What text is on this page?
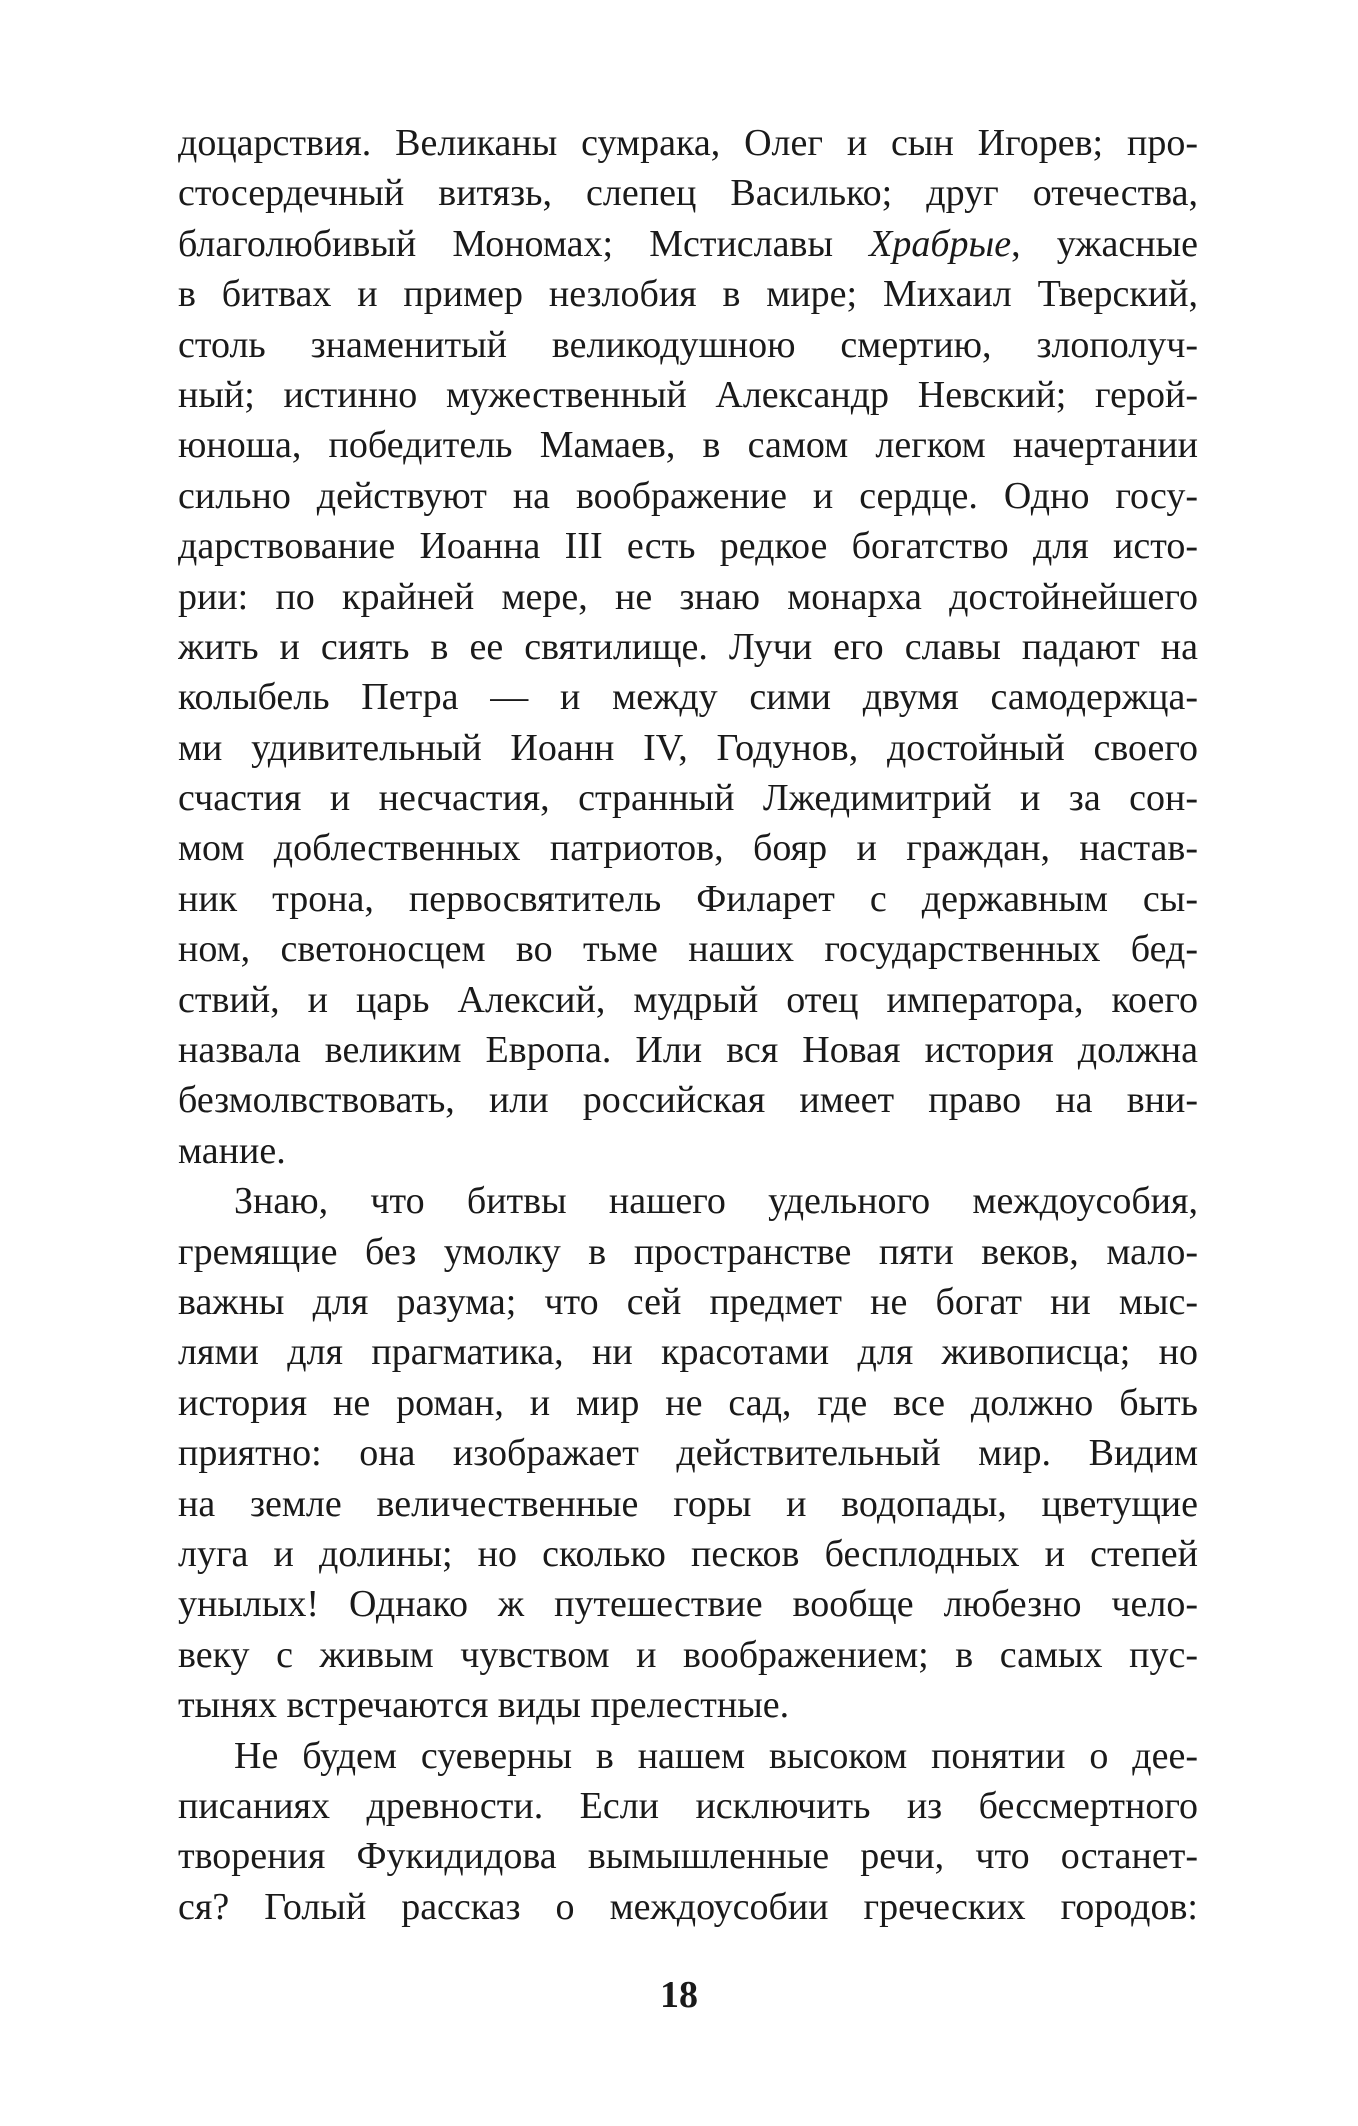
доцарствия. Великаны сумрака, Олег и сын Игорев; про-
стосердечный витязь, слепец Василько; друг отечества,
благолюбивый Мономах; Мстиславы Храбрые, ужасные
в битвах и пример незлобия в мире; Михаил Тверский,
столь знаменитый великодушною смертию, злополуч-
ный; истинно мужественный Александр Невский; герой-
юноша, победитель Мамаев, в самом легком начертании
сильно действуют на воображение и сердце. Одно госу-
дарствование Иоанна III есть редкое богатство для исто-
рии: по крайней мере, не знаю монарха достойнейшего
жить и сиять в ее святилище. Лучи его славы падают на
колыбель Петра — и между сими двумя самодержца-
ми удивительный Иоанн IV, Годунов, достойный своего
счастия и несчастия, странный Лжедимитрий и за сон-
мом доблественных патриотов, бояр и граждан, настав-
ник трона, первосвятитель Филарет с державным сы-
ном, светоносцем во тьме наших государственных бед-
ствий, и царь Алексий, мудрый отец императора, коего
назвала великим Европа. Или вся Новая история должна
безмолвствовать, или российская имеет право на вни-
мание.
Знаю, что битвы нашего удельного междоусобия,
гремящие без умолку в пространстве пяти веков, мало-
важны для разума; что сей предмет не богат ни мыс-
лями для прагматика, ни красотами для живописца; но
история не роман, и мир не сад, где все должно быть
приятно: она изображает действительный мир. Видим
на земле величественные горы и водопады, цветущие
луга и долины; но сколько песков бесплодных и степей
унылых! Однако ж путешествие вообще любезно чело-
веку с живым чувством и воображением; в самых пус-
тынях встречаются виды прелестные.
Не будем суеверны в нашем высоком понятии о дее-
писаниях древности. Если исключить из бессмертного
творения Фукидидова вымышленные речи, что останет-
ся? Голый рассказ о междоусобии греческих городов:
18
